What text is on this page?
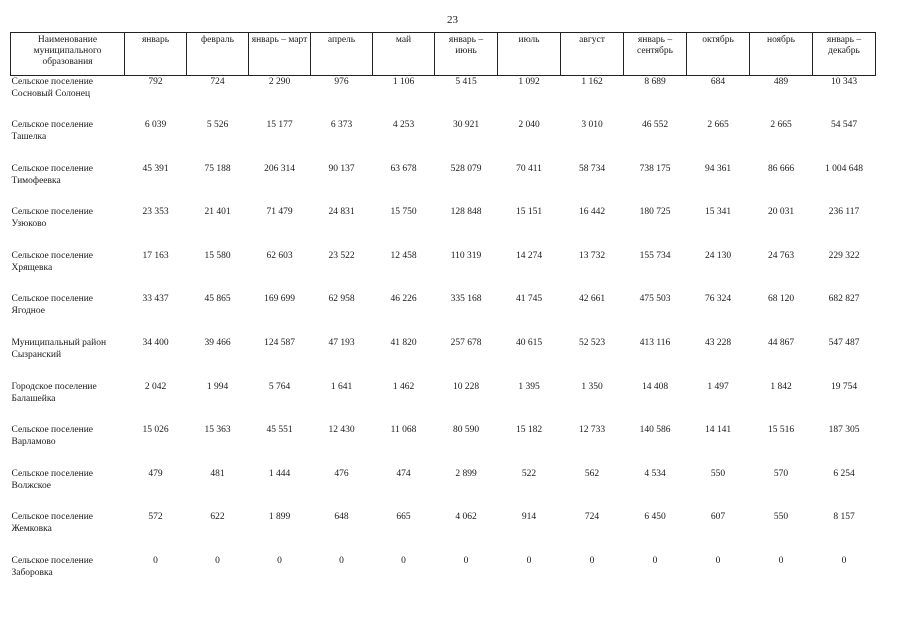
23
Наименование муниципального образования	январь	февраль	январь – март	апрель	май	январь – июнь	июль	август	январь – сентябрь	октябрь	ноябрь	январь – декабрь
Сельское поселение Сосновый Солонец	792	724	2 290	976	1 106	5 415	1 092	1 162	8 689	684	489	10 343
Сельское поселение Ташелка	6 039	5 526	15 177	6 373	4 253	30 921	2 040	3 010	46 552	2 665	2 665	54 547
Сельское поселение Тимофеевка	45 391	75 188	206 314	90 137	63 678	528 079	70 411	58 734	738 175	94 361	86 666	1 004 648
Сельское поселение Узюково	23 353	21 401	71 479	24 831	15 750	128 848	15 151	16 442	180 725	15 341	20 031	236 117
Сельское поселение Хрящевка	17 163	15 580	62 603	23 522	12 458	110 319	14 274	13 732	155 734	24 130	24 763	229 322
Сельское поселение Ягодное	33 437	45 865	169 699	62 958	46 226	335 168	41 745	42 661	475 503	76 324	68 120	682 827
Муниципальный район Сызранский	34 400	39 466	124 587	47 193	41 820	257 678	40 615	52 523	413 116	43 228	44 867	547 487
Городское поселение Балашейка	2 042	1 994	5 764	1 641	1 462	10 228	1 395	1 350	14 408	1 497	1 842	19 754
Сельское поселение Варламово	15 026	15 363	45 551	12 430	11 068	80 590	15 182	12 733	140 586	14 141	15 516	187 305
Сельское поселение Волжское	479	481	1 444	476	474	2 899	522	562	4 534	550	570	6 254
Сельское поселение Жемковка	572	622	1 899	648	665	4 062	914	724	6 450	607	550	8 157
Сельское поселение Заборовка	0	0	0	0	0	0	0	0	0	0	0	0
